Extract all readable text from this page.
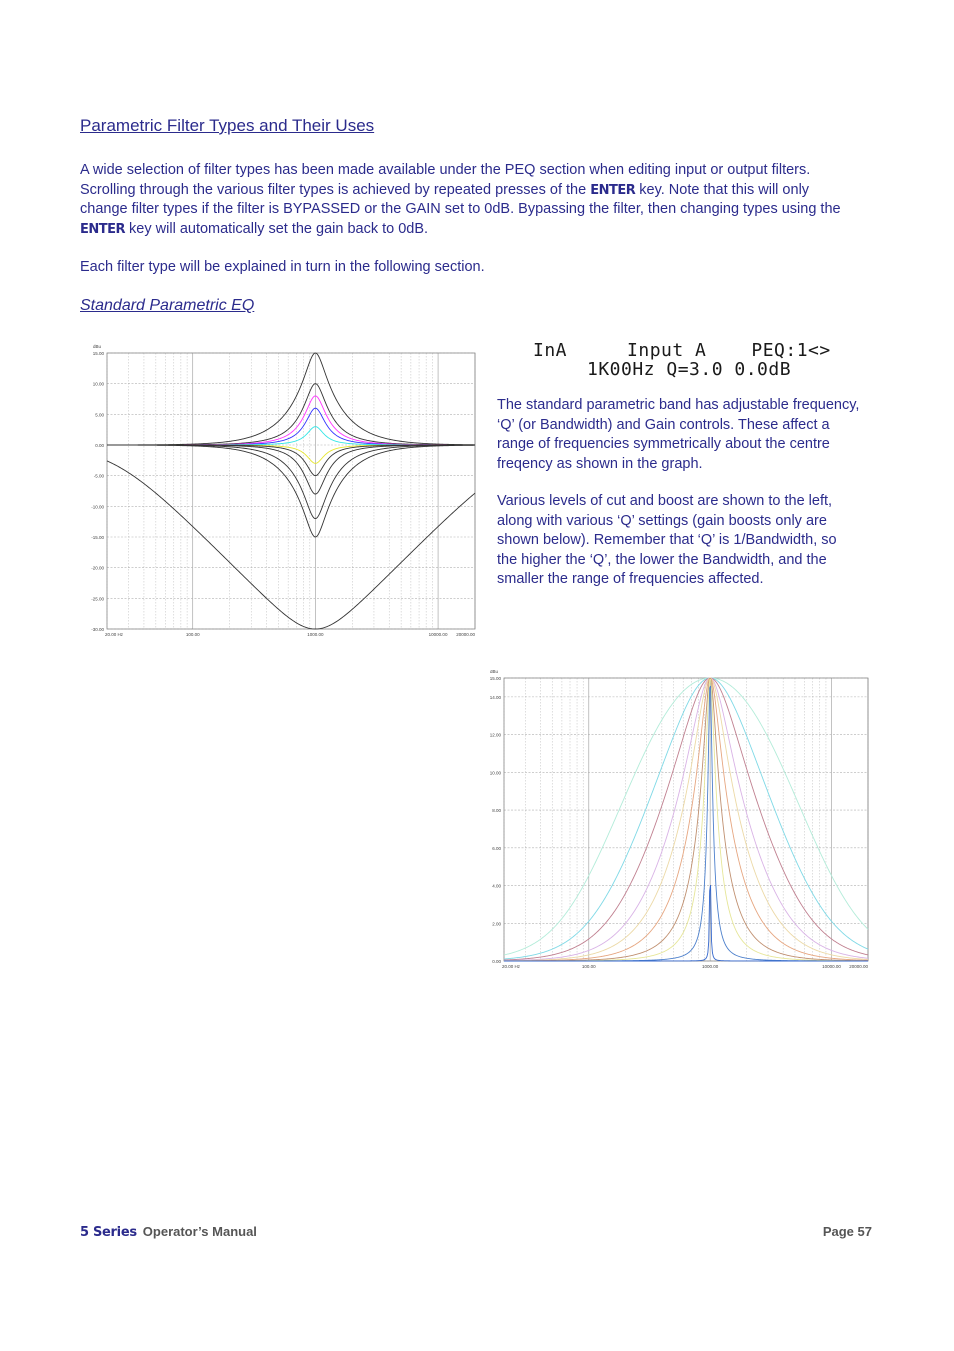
Parametric Filter Types and Their Uses
A wide selection of filter types has been made available under the PEQ section when editing input or output filters.
Scrolling through the various filter types is achieved by repeated presses of the ENTER key. Note that this will only
change filter types if the filter is BYPASSED or the GAIN set to 0dB. Bypassing the filter, then changing types using the
ENTER key will automatically set the gain back to 0dB.
Each filter type will be explained in turn in the following section.
Standard Parametric EQ
15.00
10.00
5.00
0.00
-5.00
-10.00
-15.00
-20.00
-25.00
-30.00
dBu
20.00 Hz	100.00	1000.00	10000.00 20000.00
InA	Input A	PEQ:1<>
1K00Hz Q=3.0 0.0dB
The standard parametric band has adjustable frequency,
‘Q’ (or Bandwidth) and Gain controls. These affect a
range of frequencies symmetrically about the centre
freqency as shown in the graph.
Various levels of cut and boost are shown to the left,
along with various ‘Q’ settings (gain boosts only are
shown below). Remember that ‘Q’ is 1/Bandwidth, so
the higher the ‘Q’, the lower the Bandwidth, and the
smaller the range of frequencies affected.
15.00
14.00
12.00
10.00
8.00
6.00
4.00
2.00
0.00
dBu
20.00 Hz	100.00	1000.00	10000.00 20000.00
5 Series Operator’s Manual	Page 57
